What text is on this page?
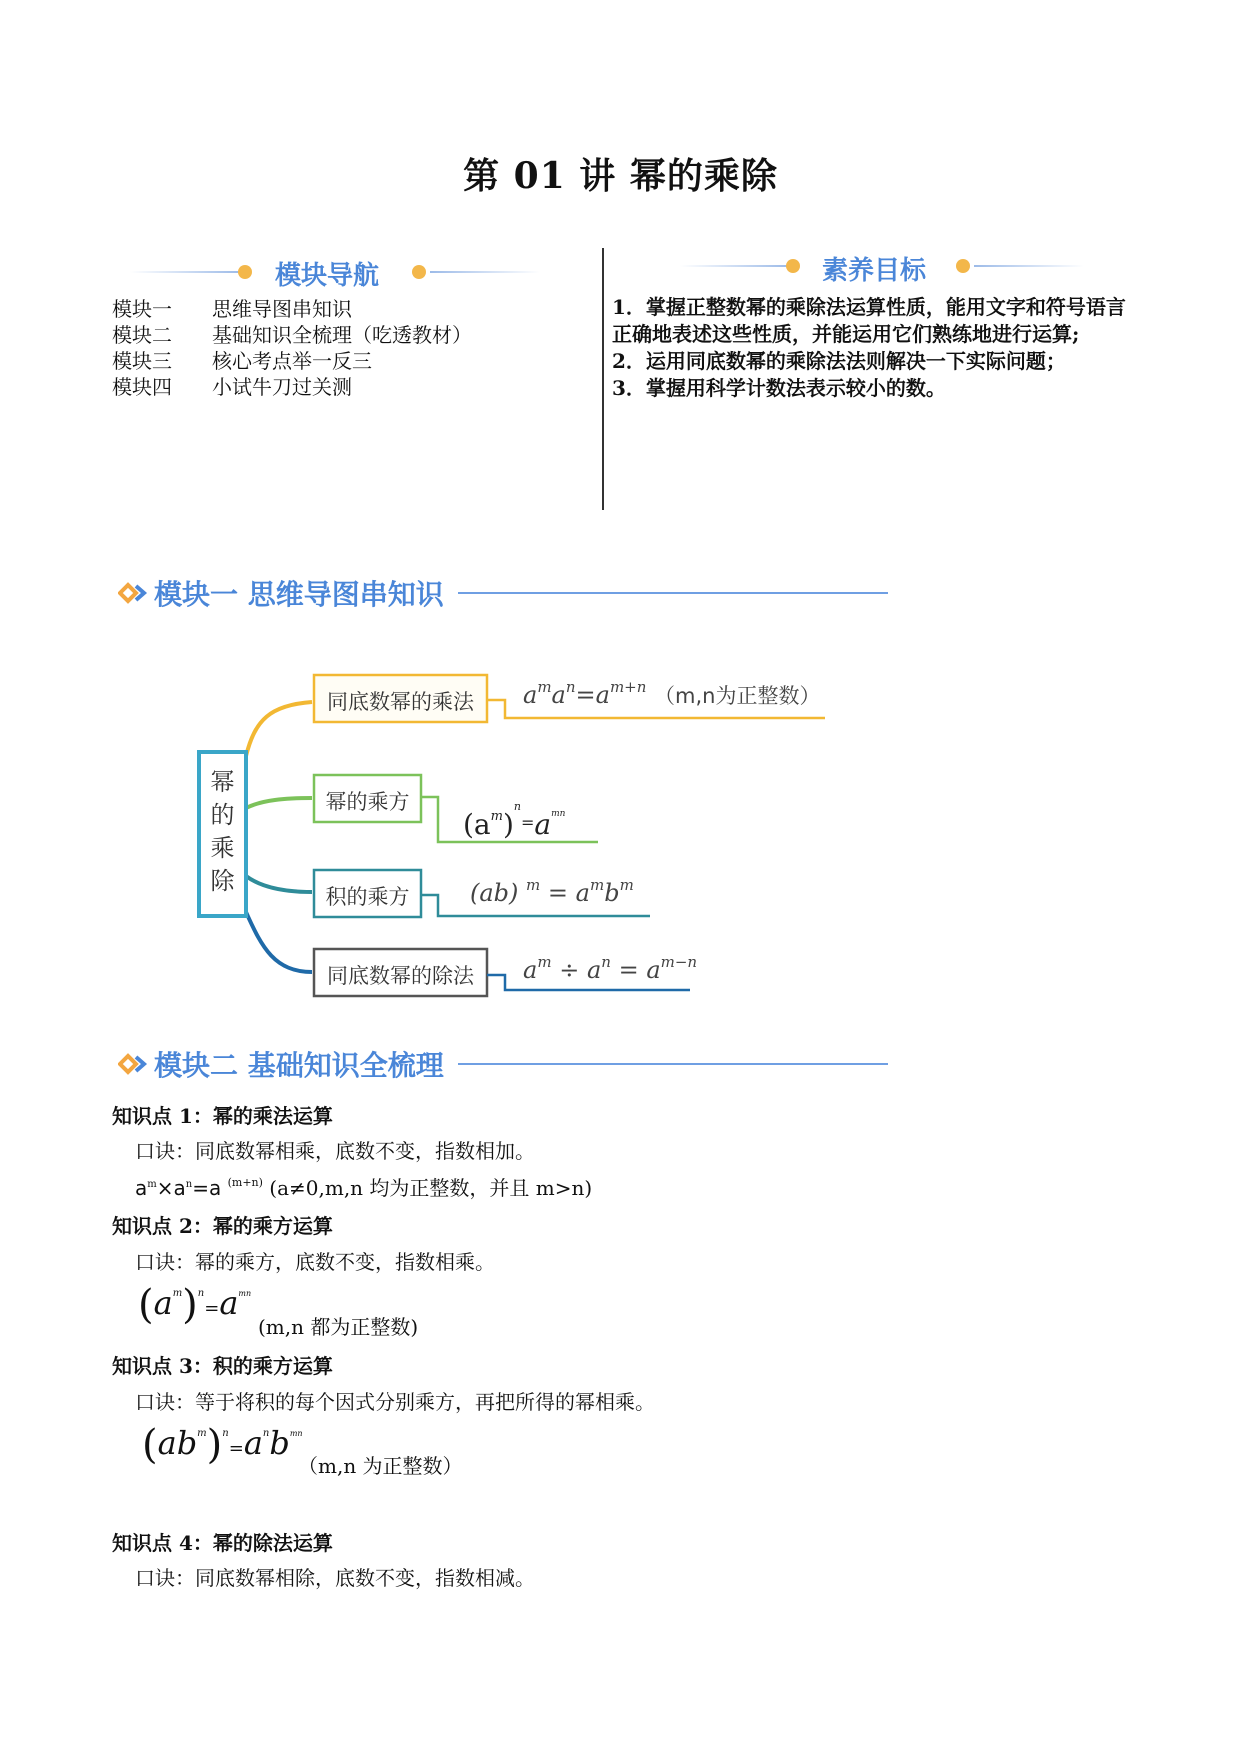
第 01 讲 幂的乘除
模块导航
模块一	思维导图串知识
模块二	基础知识全梳理（吃透教材）
模块三	核心考点举一反三
模块四	小试牛刀过关测
素养目标

1．掌握正整数幂的乘除法运算性质，能用文字和符号语言正确地表述这些性质，并能运用它们熟练地进行运算;

2．运用同底数幂的乘除法法则解决一下实际问题；

3．掌握用科学计数法表示较小的数。

模块一 思维导图串知识
幂
的
乘
除
同底数幂的乘法
幂的乘方
积的乘方
同底数幂的除法
$a^ma^n=a^{m+n}$ （m,n为正整数）
$(a^m)^{n=}a^{mn}$
(ab) $^m = a^mb^m$
$a^m \div a^n = a^{m-n}$
模块二 基础知识全梳理
知识点 1：幂的乘法运算
口诀：同底数幂相乘，底数不变，指数相加。
$a^m\times a^n=a$ $^{(m+n)}$ (a≠0,m,n 均为正整数，并且 m>n)
知识点 2：幂的乘方运算
口诀：幂的乘方，底数不变，指数相乘。
$(a^m)^n=a^{mn}$
(m,n 都为正整数)
知识点 3：积的乘方运算
口诀：等于将积的每个因式分别乘方，再把所得的幂相乘。
$(ab^m)^n=a^nb^{mn}$
（m,n 为正整数）
知识点 4：幂的除法运算
口诀：同底数幂相除，底数不变，指数相减。
